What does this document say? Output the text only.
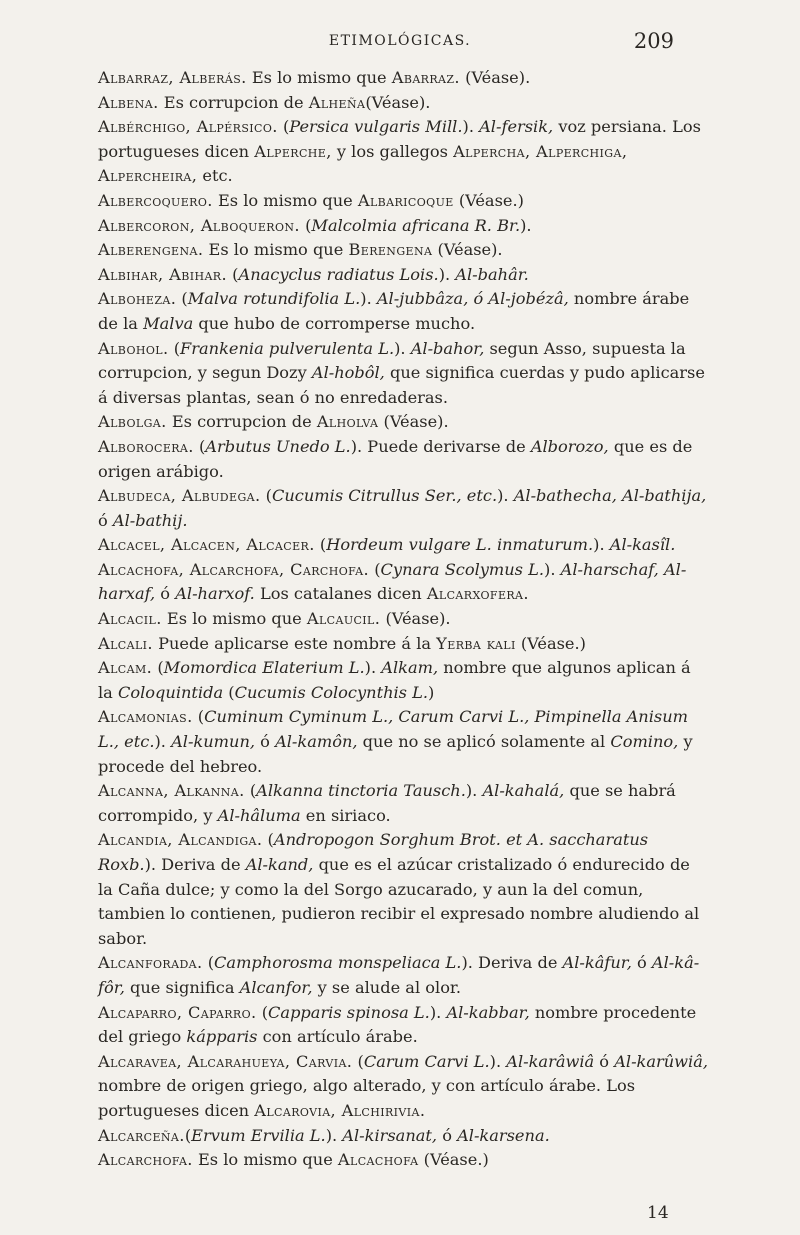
ETIMOLÓGICAS.	209

Albarraz, Alberás. Es lo mismo que Abarraz. (Véase).

Albena. Es corrupcion de Alheña(Véase).

Albérchigo, Alpérsico. (Persica vulgaris Mill.). Al-fersik, voz persiana. Los portugueses dicen Alperche, y los gallegos Alpercha, Alperchiga, Alpercheira, etc.

Albercoquero. Es lo mismo que Albaricoque (Véase.)

Albercoron, Alboqueron. (Malcolmia africana R. Br.).

Alberengena. Es lo mismo que Berengena (Véase).

Albihar, Abihar. (Anacyclus radiatus Lois.). Al-bahâr.

Alboheza. (Malva rotundifolia L.). Al-jubbâza, ó Al-jobézâ, nombre árabe de la Malva que hubo de corromperse mucho.

Albohol. (Frankenia pulverulenta L.). Al-bahor, segun Asso, supuesta la corrupcion, y segun Dozy Al-hobôl, que significa cuerdas y pudo aplicarse á diversas plantas, sean ó no enredaderas.

Albolga. Es corrupcion de Alholva (Véase).

Alborocera. (Arbutus Unedo L.). Puede derivarse de Alborozo, que es de origen arábigo.

Albudeca, Albudega. (Cucumis Citrullus Ser., etc.). Al-bathecha, Al-bathija, ó Al-bathij.

Alcacel, Alcacen, Alcacer. (Hordeum vulgare L. inmaturum.). Al-kasîl.

Alcachofa, Alcarchofa, Carchofa. (Cynara Scolymus L.). Al-harschaf, Al-harxaf, ó Al-harxof. Los catalanes dicen Alcarxofera.

Alcacil. Es lo mismo que Alcaucil. (Véase).

Alcali. Puede aplicarse este nombre á la Yerba kali (Véase.)

Alcam. (Momordica Elaterium L.). Alkam, nombre que algunos aplican á la Coloquintida (Cucumis Colocynthis L.)

Alcamonias. (Cuminum Cyminum L., Carum Carvi L., Pimpinella Anisum L., etc.). Al-kumun, ó Al-kamôn, que no se aplicó solamente al Comino, y procede del hebreo.

Alcanna, Alkanna. (Alkanna tinctoria Tausch.). Al-kahalá, que se habrá corrompido, y Al-hâluma en siriaco.

Alcandia, Alcandiga. (Andropogon Sorghum Brot. et A. saccharatus Roxb.). Deriva de Al-kand, que es el azúcar cristalizado ó endurecido de la Caña dulce; y como la del Sorgo azucarado, y aun la del comun, tambien lo contienen, pudieron recibir el expresado nombre aludiendo al sabor.

Alcanforada. (Camphorosma monspeliaca L.). Deriva de Al-kâfur, ó Al-kâ-fôr, que significa Alcanfor, y se alude al olor.

Alcaparro, Caparro. (Capparis spinosa L.). Al-kabbar, nombre procedente del griego kápparis con artículo árabe.

Alcaravea, Alcarahueya, Carvia. (Carum Carvi L.). Al-karâwiâ ó Al-karûwiâ, nombre de origen griego, algo alterado, y con artículo árabe. Los portugueses dicen Alcarovia, Alchirivia.

Alcarceña.(Ervum Ervilia L.). Al-kirsanat, ó Al-karsena.

Alcarchofa. Es lo mismo que Alcachofa (Véase.)

14
